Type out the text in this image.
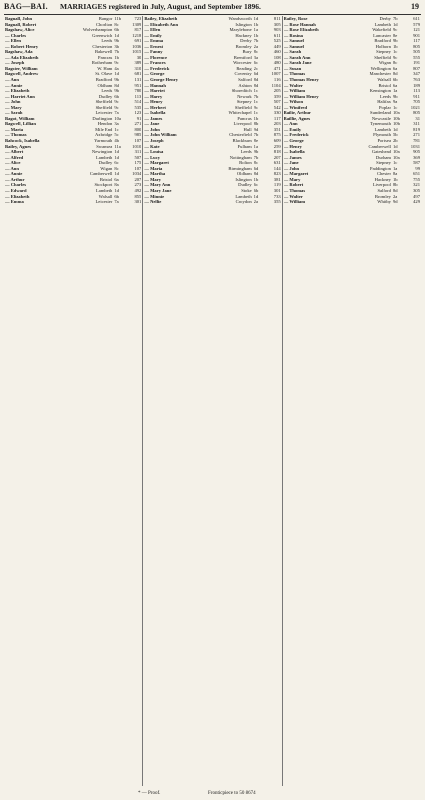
BAG—BAI. MARRIAGES registered in July, August, and September 1896.	19
Bagnall, John	Bangor 11b	723
Bagnall, Robert	Chorlton 8c	1309
Bagshaw, Alice	Wolverhampton 6b	817
— Charles	Greenwich 1d	1218
— Ellen	Leeds 9b	691
— Robert Henry	Chesterton 3b	1036
Bagshaw, Ada	Bakewell 7b	1015
— Ada Elizabeth	Pancras 1b	30
— Joseph	Rotherham 9c	389
Bagster, William	W. Ham 4a	310
Bagwell, Andrew	St. Olave 1d	681
— Ann	Bradford 9b	131
— Annie	Oldham 8d	951
— Elizabeth	Leeds 9b	780
— Harriet Ann	Dudley 6b	113
— John	Sheffield 9c	514
— Mary	Sheffield 9c	535
— Sarah	Leicester 7a	123
Bagot, William	Darlington 10a	91
Bagwell, Lillian	Hendon 3a	271
— Maria	Mile End 1c	800
— Thomas	Axbridge 5c	985
Bahcock, Isabella	Yarmouth 4b	107
Bailey, Agnes	Swansea 11a	1010
— Albert	Newington 1d	311
— Alfred	Lambeth 1d	507
— Alice	Dudley 6c	175
— Ann	Wigan 8c	107
— Annie	Camberwell 1d	1034
— Arthur	Bristol 6a	207
— Charles	Stockport 8a	273
— Edward	Lambeth 1d	492
— Elizabeth	Walsall 6b	855
— Emma	Leicester 7a	301
Bailey, Elizabeth	Wandsworth 1d	811
— Elizabeth Ann	Islington 1b	305
— Ellen	Marylebone 1a	903
— Emily	Hackney 1b	611
— Emma	Derby 7b	525
— Ernest	Bromley 2a	449
— Fanny	Bury 8c	460
— Florence	Brentford 3a	108
— Frances	Worcester 6c	480
— Frederick	Reading 2c	471
— George	Coventry 6d	1007
— George Henry	Salford 8d	116
— Hannah	Ashton 8d	1104
— Harriet	Shoreditch 1c	205
— Harry	Newark 7b	359
— Henry	Stepney 1c	507
— Herbert	Sheffield 9c	542
— Isabella	Whitechapel 1c	330
— James	Pancras 1b	117
— Jane	Liverpool 8b	203
— John	Hull 9d	351
— John William	Chesterfield 7b	875
— Joseph	Blackburn 8e	609
— Kate	Fulham 1a	259
— Louisa	Leeds 9b	818
— Lucy	Nottingham 7b	207
— Margaret	Bolton 8c	631
— Maria	Birmingham 6d	144
— Martha	Oldham 8d	823
— Mary	Islington 1b	381
— Mary Ann	Dudley 6c	119
— Mary Jane	Stoke 6b	301
— Minnie	Lambeth 1d	733
— Nellie	Croydon 2a	355
Bailey, Rose	Derby 7b	611
— Rose Hannah	Lambeth 1d	579
— Rose Elizabeth	Wakefield 9c	121
— Rosina	Lancaster 8e	901
— Samuel	Bradford 9b	117
— Samuel	Holborn 1b	805
— Sarah	Stepney 1c	505
— Sarah Ann	Sheffield 9c	555
— Sarah Jane	Wigan 8c	191
— Susan	Wellington 6a	807
— Thomas	Manchester 8d	347
— Thomas Henry	Walsall 6b	763
— Walter	Bristol 6a	189
— William	Kensington 1a	113
— William Henry	Leeds 9b	911
— Wilson	Halifax 9a	705
— Winifred	Poplar 1c	1021
Bailie, Arthur	Sunderland 10a	805
Baillie, Agnes	Newcastle 10b	31
— Ann	Tynemouth 10b	311
— Emily	Lambeth 1d	819
— Frederick	Plymouth 5b	271
— George	Portsea 2b	781
— Henry	Camberwell 1d	1031
— Isabella	Gateshead 10a	905
— James	Durham 10a	369
— Jane	Stepney 1c	587
— John	Paddington 1a	99
— Margaret	Chester 8a	651
— Mary	Hackney 1b	755
— Robert	Liverpool 8b	321
— Thomas	Salford 8d	305
— Walter	Bromley 2a	497
— William	Whitby 9d	429
* — Proof.	Fronticpiece to 50 8674
